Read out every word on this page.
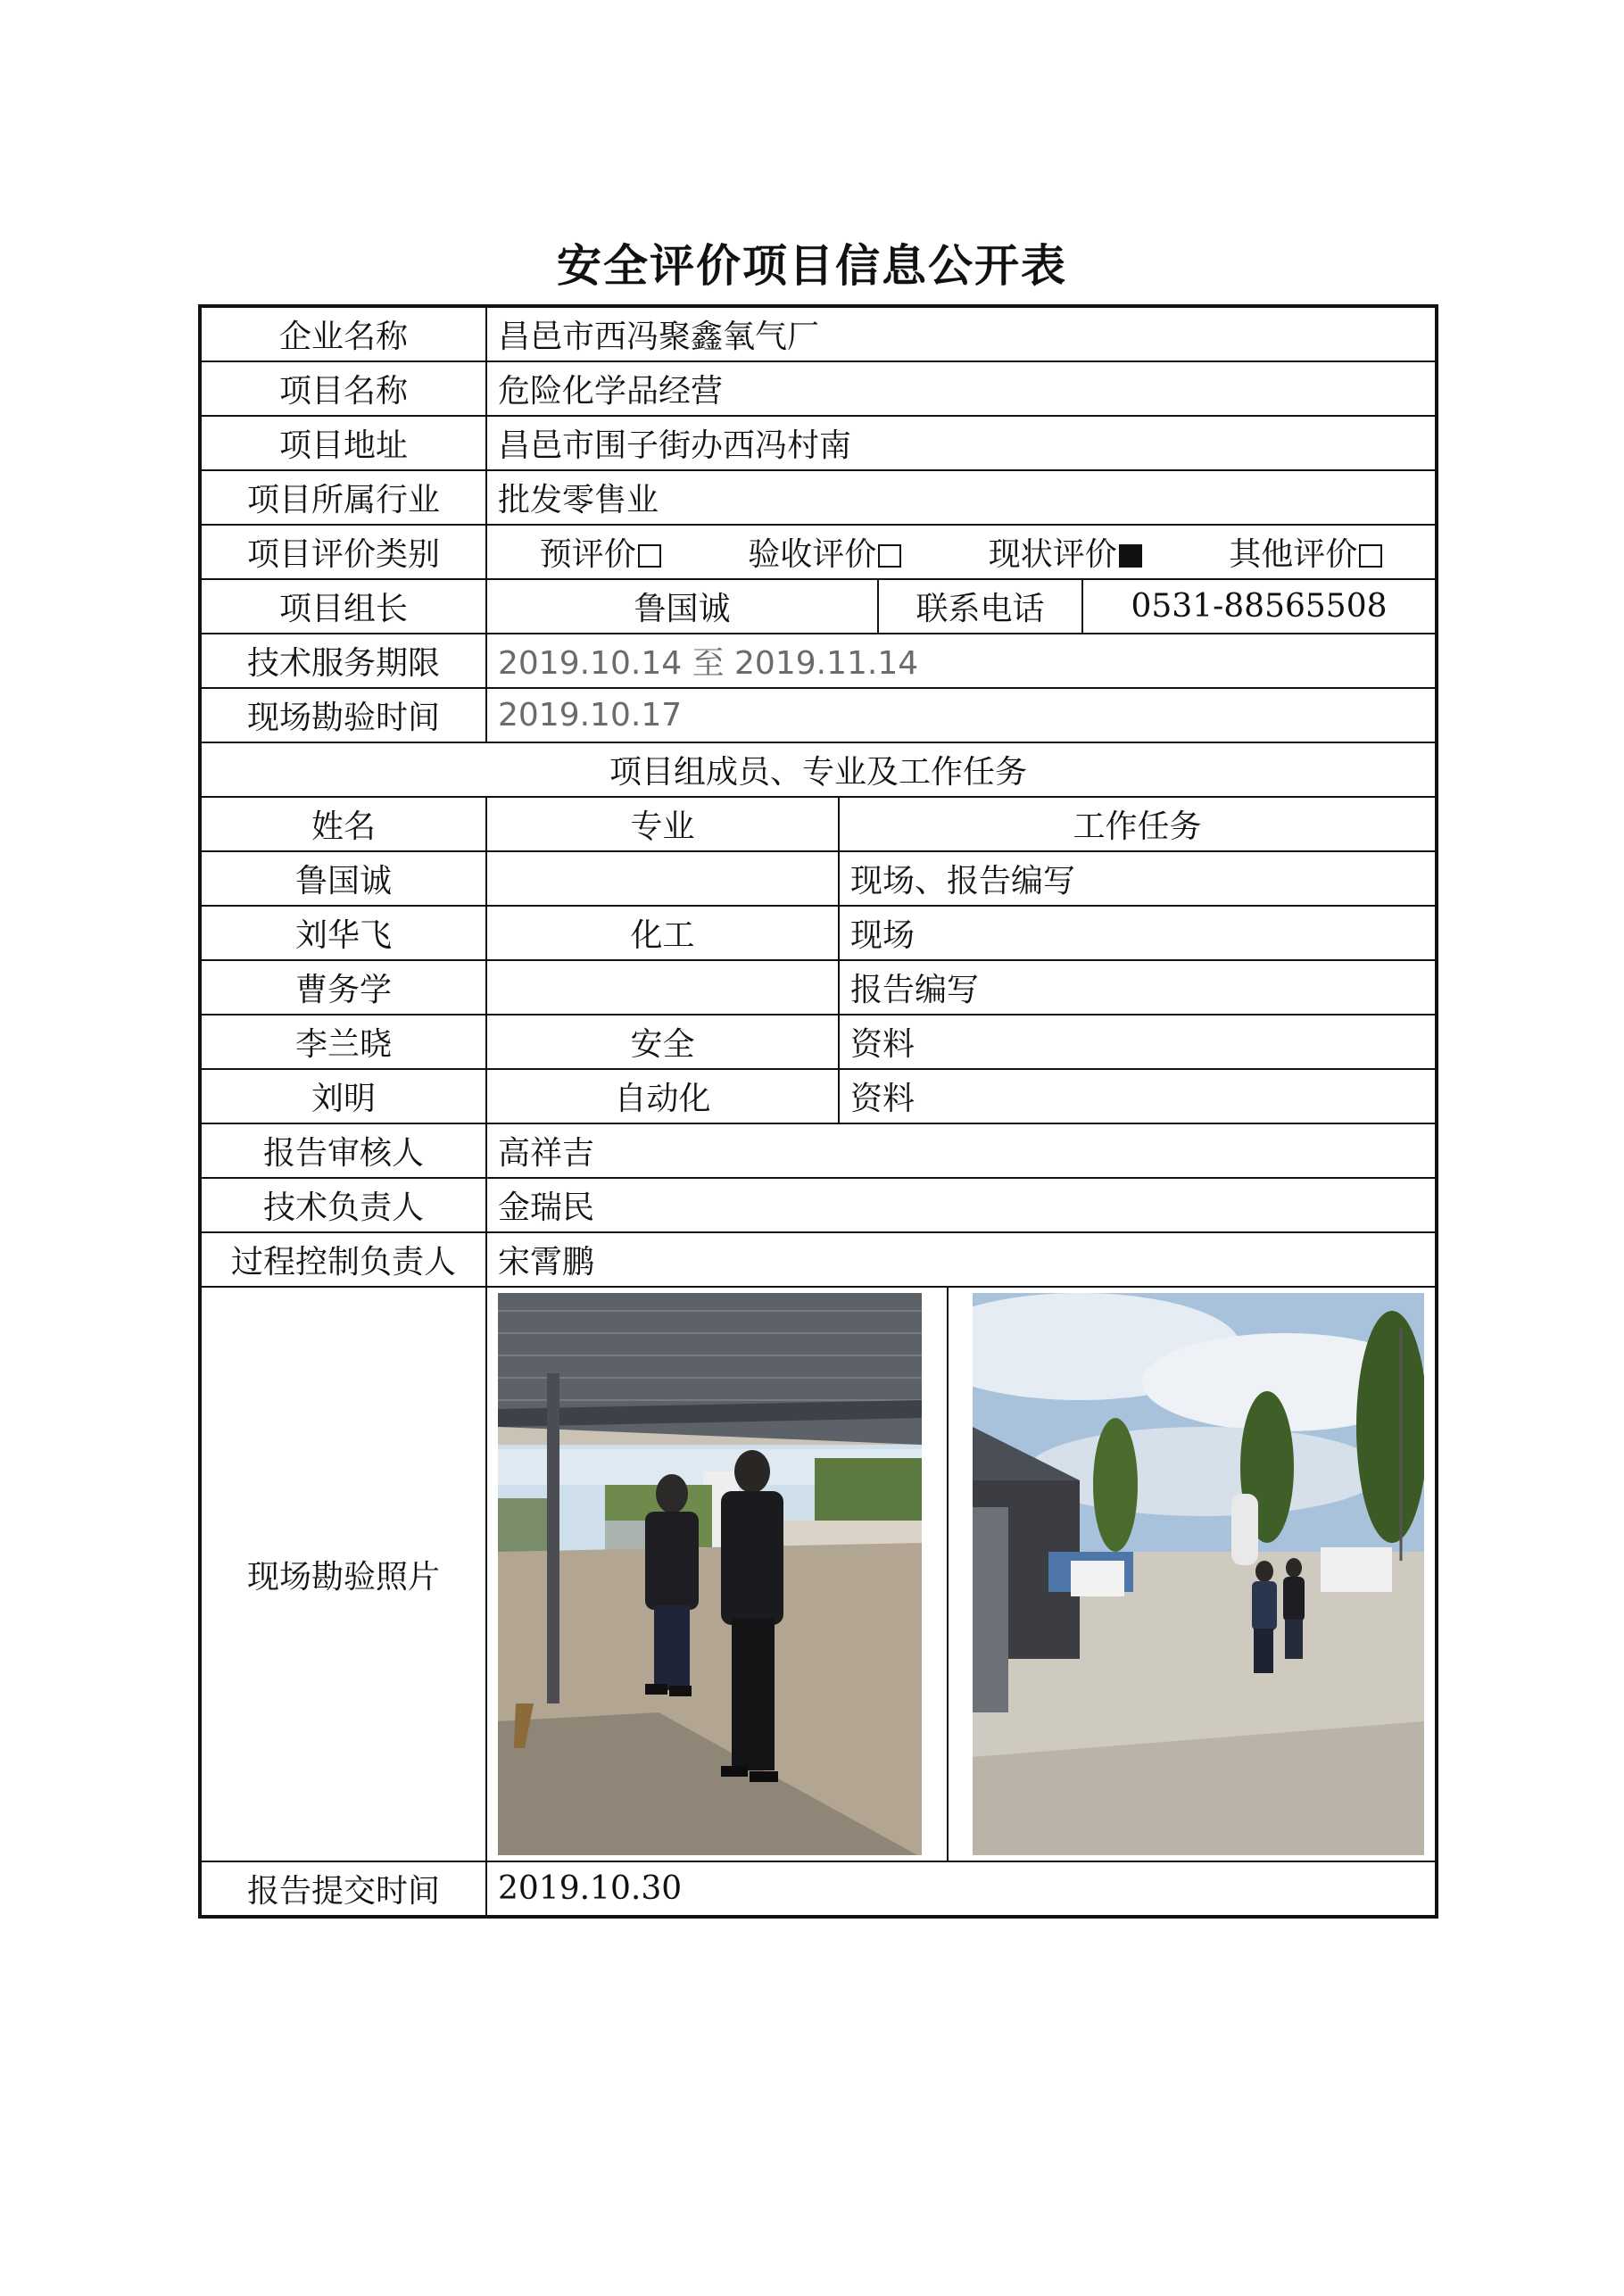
安全评价项目信息公开表
企业名称	昌邑市西冯聚鑫氧气厂			
项目名称	危险化学品经营			
项目地址	昌邑市围子街办西冯村南			
项目所属行业	批发零售业			
项目评价类别	预评价 验收评价 现状评价 其他评价			

项目组长	鲁国诚		联系电话	0531-88565508
技术服务期限	2019.10.14 至 2019.11.14			
现场勘验时间	2019.10.17			
项目组成员、专业及工作任务				
姓名	专业	工作任务		
鲁国诚		现场、报告编写		
刘华飞	化工	现场		
曹务学		报告编写		
李兰晓	安全	资料		
刘明	自动化	资料		
报告审核人	高祥吉			
技术负责人	金瑞民			
过程控制负责人	宋霄鹏			
现场勘验照片	

报告提交时间	2019.10.30			
